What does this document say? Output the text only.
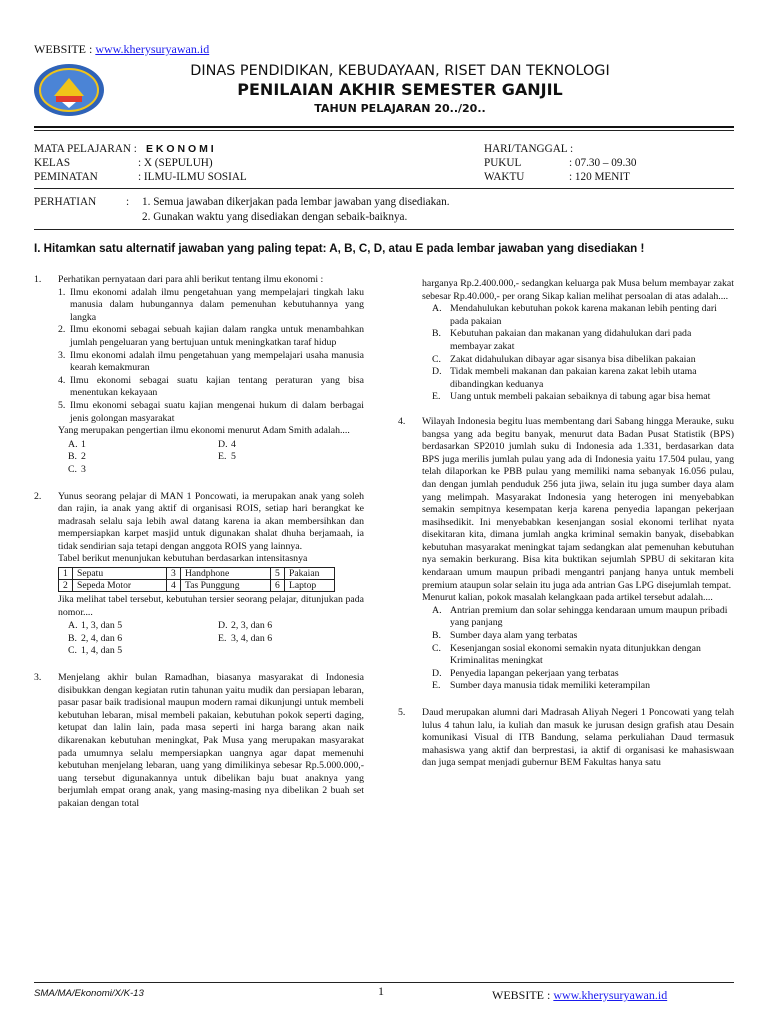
WEBSITE : www.kherysuryawan.id
DINAS PENDIDIKAN, KEBUDAYAAN, RISET DAN TEKNOLOGI
PENILAIAN AKHIR SEMESTER GANJIL
TAHUN PELAJARAN 20../20..
MATA PELAJARAN : E K O N O M I
KELAS	: X (SEPULUH)
PEMINATAN	: ILMU-ILMU SOSIAL
HARI/TANGGAL :
PUKUL	: 07.30 – 09.30
WAKTU	: 120 MENIT
PERHATIAN	: 1. Semua jawaban dikerjakan pada lembar jawaban yang disediakan.
2. Gunakan waktu yang disediakan dengan sebaik-baiknya.
I. Hitamkan satu alternatif jawaban yang paling tepat: A, B, C, D, atau E pada lembar jawaban yang disediakan !
1. Perhatikan pernyataan dari para ahli berikut tentang ilmu ekonomi :

1. Ilmu ekonomi adalah ilmu pengetahuan yang mempelajari tingkah laku manusia dalam hubungannya dalam pemenuhan kebutuhannya yang langka

2. Ilmu ekonomi sebagai sebuah kajian dalam rangka untuk menambahkan jumlah pengeluaran yang bertujuan untuk meningkatkan taraf hidup

3. Ilmu ekonomi adalah ilmu pengetahuan yang mempelajari usaha manusia kearah kemakmuran

4. Ilmu ekonomi sebagai suatu kajian tentang peraturan yang bisa menentukan kekayaan

5. Ilmu ekonomi sebagai suatu kajian mengenai hukum di dalam berbagai jenis golongan masyarakat

Yang merupakan pengertian ilmu ekonomi menurut Adam Smith adalah....

A. 1	D. 4
B. 2	E. 5
C. 3
2. Yunus seorang pelajar di MAN 1 Poncowati, ia merupakan anak yang soleh dan rajin, ia anak yang aktif di organisasi ROIS, setiap hari berangkat ke madrasah selalu saja lebih awal datang karena ia akan membersihkan dan mempersiapkan karpet masjid untuk digunakan shalat dhuha berjamaah, ia tidak sendirian saja tetapi dengan anggota ROIS yang lainnya.

Tabel berikut menunjukan kebutuhan berdasarkan intensitasnya

1	Sepatu	3	Handphone	5	Pakaian
2	Sepeda Motor	4	Tas Punggung	6	Laptop

Jika melihat tabel tersebut, kebutuhan tersier seorang pelajar, ditunjukan pada nomor....

A. 1, 3, dan 5	D. 2, 3, dan 6
B. 2, 4, dan 6	E. 3, 4, dan 6
C. 1, 4, dan 5
3. Menjelang akhir bulan Ramadhan, biasanya masyarakat di Indonesia disibukkan dengan kegiatan rutin tahunan yaitu mudik dan persiapan lebaran, pasar pasar baik tradisional maupun modern ramai dikunjungi untuk membeli kebutuhan lebaran, misal membeli pakaian, kebutuhan pokok seperti daging, ketupat dan lalin lain, pada masa seperti ini harga barang akan naik dikarenakan kebutuhan meningkat, Pak Musa yang merupakan masyarakat pada umumnya selalu mempersiapkan uangnya agar dapat memenuhi kebutuhan menjelang lebaran, uang yang dimilikinya sebesar Rp.5.000.000,- uang tersebut digunakannya untuk dibelikan baju buat anaknya yang berjumlah empat orang anak, yang masing-masing nya dibelikan 2 buah set pakaian dengan total

harganya Rp.2.400.000,- sedangkan keluarga pak Musa belum membayar zakat sebesar Rp.40.000,- per orang Sikap kalian melihat persoalan di atas adalah....

A. Mendahulukan kebutuhan pokok karena makanan lebih penting dari pada pakaian
B. Kebutuhan pakaian dan makanan yang didahulukan dari pada membayar zakat
C. Zakat didahulukan dibayar agar sisanya bisa dibelikan pakaian
D. Tidak membeli makanan dan pakaian karena zakat lebih utama dibandingkan keduanya
E. Uang untuk membeli pakaian sebaiknya di tabung agar bisa hemat
4. Wilayah Indonesia begitu luas membentang dari Sabang hingga Merauke, suku bangsa yang ada begitu banyak, menurut data Badan Pusat Statistik (BPS) berdasarkan SP2010 jumlah suku di Indonesia ada 1.331, berdasarkan data BPS juga merilis jumlah pulau yang ada di Indonesia yaitu 17.504 pulau, yang telah dilaporkan ke PBB pulau yang memiliki nama sebanyak 16.056 pulau, dan dengan jumlah penduduk 256 juta jiwa, selain itu juga sumber daya alam yang melimpah. Masyarakat Indonesia yang heterogen ini menyebabkan semakin sempitnya kesempatan kerja karena penyedia lapangan pekerjaan masihsedikit. Ini menyebabkan kesenjangan sosial ekonomi terlihat nyata disekitaran kita, dimana jumlah angka kriminal semakin banyak, disebabkan kebutuhan masyarakat meningkat tajam sedangkan alat pemenuhan kebutuhan nya semakin berkurang. Bisa kita buktikan sejumlah SPBU di sekitaran kita kendaraan umum maupun pribadi mengantri panjang hanya untuk membeli premium ataupun solar selain itu juga ada antrian Gas LPG disejumlah tempat.

Menurut kalian, pokok masalah kelangkaan pada artikel tersebut adalah....

A. Antrian premium dan solar sehingga kendaraan umum maupun pribadi yang panjang
B. Sumber daya alam yang terbatas
C. Kesenjangan sosial ekonomi semakin nyata ditunjukkan dengan Kriminalitas meningkat
D. Penyedia lapangan pekerjaan yang terbatas
E. Sumber daya manusia tidak memiliki keterampilan
5. Daud merupakan alumni dari Madrasah Aliyah Negeri 1 Poncowati yang telah lulus 4 tahun lalu, ia kuliah dan masuk ke jurusan design grafish atau Desain komunikasi Visual di ITB Bandung, selama perkuliahan Daud termasuk mahasiswa yang aktif dan berprestasi, ia aktif di organisasi ke mahasiswaan dan juga sempat menjadi gubernur BEM Fakultas hanya satu

SMA/MA/Ekonomi/X/K-13	1	WEBSITE : www.kherysuryawan.id
